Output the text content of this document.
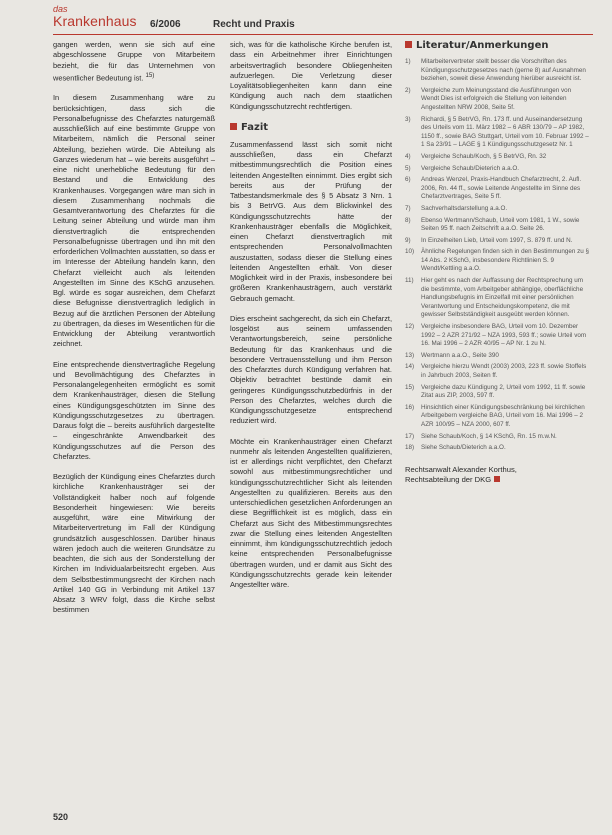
das
Krankenhaus 6/2006	Recht und Praxis

gangen werden, wenn sie sich auf eine abgeschlossene Gruppe von Mitarbeitern bezieht, die für das Unternehmen von wesentlicher Bedeutung ist. $^{15)}$

In diesem Zusammenhang wäre zu berücksichtigen, dass sich die Personalbefugnisse des Chefarztes naturgemäß ausschließlich auf eine bestimmte Gruppe von Mitarbeitern, nämlich die Personal seiner Abteilung, beziehen würde. Die Abteilung als Ganzes wiederum hat – wie bereits ausgeführt – eine nicht unerhebliche Bedeutung für den Bestand und die Entwicklung des Krankenhauses. Vorgegangen wäre man sich in diesem Zusammenhang nochmals die Gesamtverantwortung des Chefarztes für die Leitung seiner Abteilung und würde man ihm dienstvertraglich die entsprechenden Personalbefugnisse übertragen und ihn mit den erforderlichen Vollmachten ausstatten, so dass er im Interesse der Abteilung handeln kann, den Chefarzt vielleicht auch als leitenden Angestellten im Sinne des KSchG anzusehen. Bgl. würde es sogar ausreichen, dem Chefarzt diese Befugnisse dienstvertraglich lediglich in Bezug auf die ärztlichen Personen der Abteilung zu übertragen, da dieses im Wesentlichen für die Entwicklung der Abteilung verantwortlich zeichnet.

Eine entsprechende dienstvertragliche Regelung und Bevollmächtigung des Chefarztes in Personalangelegenheiten ermöglicht es somit dem Krankenhausträger, diesen die Stellung eines Kündigungsgeschützten im Sinne des Kündigungsschutzgesetzes zu übertragen. Daraus folgt die – bereits ausführlich dargestellte – eingeschränkte Anwendbarkeit des Kündigungsschutzes auf die Person des Chefarztes.

Bezüglich der Kündigung eines Chefarztes durch kirchliche Krankenhausträger sei der Vollständigkeit halber noch auf folgende Besonderheit hingewiesen: Wie bereits ausgeführt, wäre eine Mitwirkung der Mitarbeitervertretung im Fall der Kündigung grundsätzlich ausgeschlossen. Darüber hinaus wären jedoch auch die weiteren Grundsätze zu beachten, die sich aus der Sonderstellung der Kirchen im Individualarbeitsrecht ergeben. Aus dem Selbstbestimmungsrecht der Kirchen nach Artikel 140 GG in Verbindung mit Artikel 137 Absatz 3 WRV folgt, dass die Kirche selbst bestimmen

sich, was für die katholische Kirche berufen ist, dass ein Arbeitnehmer ihrer Einrichtungen arbeitsvertraglich besondere Obliegenheiten aufzuerlegen. Die Verletzung dieser Loyalitätsobliegenheiten kann dann eine Kündigung auch nach dem staatlichen Kündigungsschutzrecht rechtfertigen.

Fazit

Zusammenfassend lässt sich somit nicht ausschließen, dass ein Chefarzt mitbestimmungsrechtlich die Position eines leitenden Angestellten einnimmt. Dies ergibt sich bereits aus der Prüfung der Tatbestandsmerkmale des § 5 Absatz 3 Nrn. 1 bis 3 BetrVG. Aus dem Blickwinkel des Kündigungsschutzrechts hätte der Krankenhausträger ebenfalls die Möglichkeit, einen Chefarzt dienstvertraglich mit entsprechenden Personalvollmachten auszustatten, sodass dieser die Stellung eines leitenden Angestellten erhält. Von dieser Möglichkeit wird in der Praxis, insbesondere bei größeren Krankenhausträgern, auch verstärkt Gebrauch gemacht.

Dies erscheint sachgerecht, da sich ein Chefarzt, losgelöst aus seinem umfassenden Verantwortungsbereich, seine persönliche Bedeutung für das Krankenhaus und die besondere Vertrauensstellung und ihm Person des Chefarztes durch Kündigung verfahren hat. Objektiv betrachtet bestünde damit ein geringeres Kündigungsschutzbedürfnis in der Person des Chefarztes, welches durch die Kündigungsschutzgesetze entsprechend reduziert wird.

Möchte ein Krankenhausträger einen Chefarzt nunmehr als leitenden Angestellten qualifizieren, ist er allerdings nicht verpflichtet, den Chefarzt sowohl aus mitbestimmungsrechtlicher und kündigungsschutzrechtlicher Sicht als leitenden Angestellten zu qualifizieren. Bereits aus den unterschiedlichen gesetzlichen Anforderungen an diese Begrifflichkeit ist es möglich, dass ein Chefarzt aus Sicht des Mitbestimmungsrechtes zwar die Stellung eines leitenden Angestellten einnimmt, ihm kündigungsschutzrechtlich jedoch keine entsprechenden Personalbefugnisse übertragen wurden, und er damit aus Sicht des Kündigungsschutzrechts gerade kein leitender Angestellter wäre.

Literatur/Anmerkungen
1) Mitarbeitervertreter stellt besser die Vorschriften des Kündigungsschutzgesetzes nach (gerne 8) auf Ausnahmen beziehen, soweit diese Anwendung hierüber ausreicht ist.
2) Vergleiche zum Meinungsstand die Ausführungen von Wendt Dies ist erfolgreich die Stellung von leitenden Angestellten NRW 2008, Seite 5f.
3) Richardi, § 5 BetrVG, Rn. 173 ff. und Auseinandersetzung des Urteils vom 11. März 1982 – 6 ABR 130/79 – AP 1982, 1150 ff., sowie BAG Stuttgart, Urteil vom 10. Februar 1992 – 1 Sa 23/91 – LAGE § 1 Kündigungsschutzgesetz Nr. 1
4) Vergleiche Schaub/Koch, § 5 BetrVG, Rn. 32
5) Vergleiche Schaub/Dieterich a.a.O.
6) Andreas Wenzel, Praxis-Handbuch Chefarztrecht, 2. Aufl. 2006, Rn. 44 ff., sowie Leitende Angestellte im Sinne des Chefarztvertrages, Seite 5 ff.
7) Sachverhaltsdarstellung a.a.O.
8) Ebenso Wertmann/Schaub, Urteil vom 1981, 1 W., sowie Seiten 95 ff. nach Zeitschrift a.a.O. Seite 26.
9) In Einzelheiten Lieb, Urteil vom 1997, S. 879 ff. und N.
10) Ähnliche Regelungen finden sich in den Bestimmungen zu § 14 Abs. 2 KSchG, insbesondere Richtlinien S. 9 Wendt/Kettling a.a.O.
11) Hier geht es nach der Auffassung der Rechtsprechung um die bestimmte, vom Arbeitgeber abhängige, oberflächliche Handlungsbefugnis im Einzelfall mit einer persönlichen Verantwortung und Entscheidungskompetenz, die mit gewisser Selbstständigkeit ausgeübt werden können.
12) Vergleiche insbesondere BAG, Urteil vom 10. Dezember 1992 – 2 AZR 271/92 – NZA 1993, 593 ff.; sowie Urteil vom 16. Mai 1996 – 2 AZR 40/95 – AP Nr. 1 zu N.
13) Wertmann a.a.O., Seite 390
14) Vergleiche hierzu Wendt (2003) 2003, 223 ff. sowie Stoffels in Jahrbuch 2003, Seiten ff.
15) Vergleiche dazu Kündigung 2, Urteil vom 1992, 11 ff. sowie Zitat aus ZIP, 2003, 597 ff.
16) Hinsichtlich einer Kündigungsbeschränkung bei kirchlichen Arbeitgebern vergleiche BAG, Urteil vom 16. Mai 1996 – 2 AZR 100/95 – NZA 2000, 607 ff.
17) Siehe Schaub/Koch, § 14 KSchG, Rn. 15 m.w.N.
18) Siehe Schaub/Dieterich a.a.O.
Rechtsanwalt Alexander Korthus,
Rechtsabteilung der DKG
520
